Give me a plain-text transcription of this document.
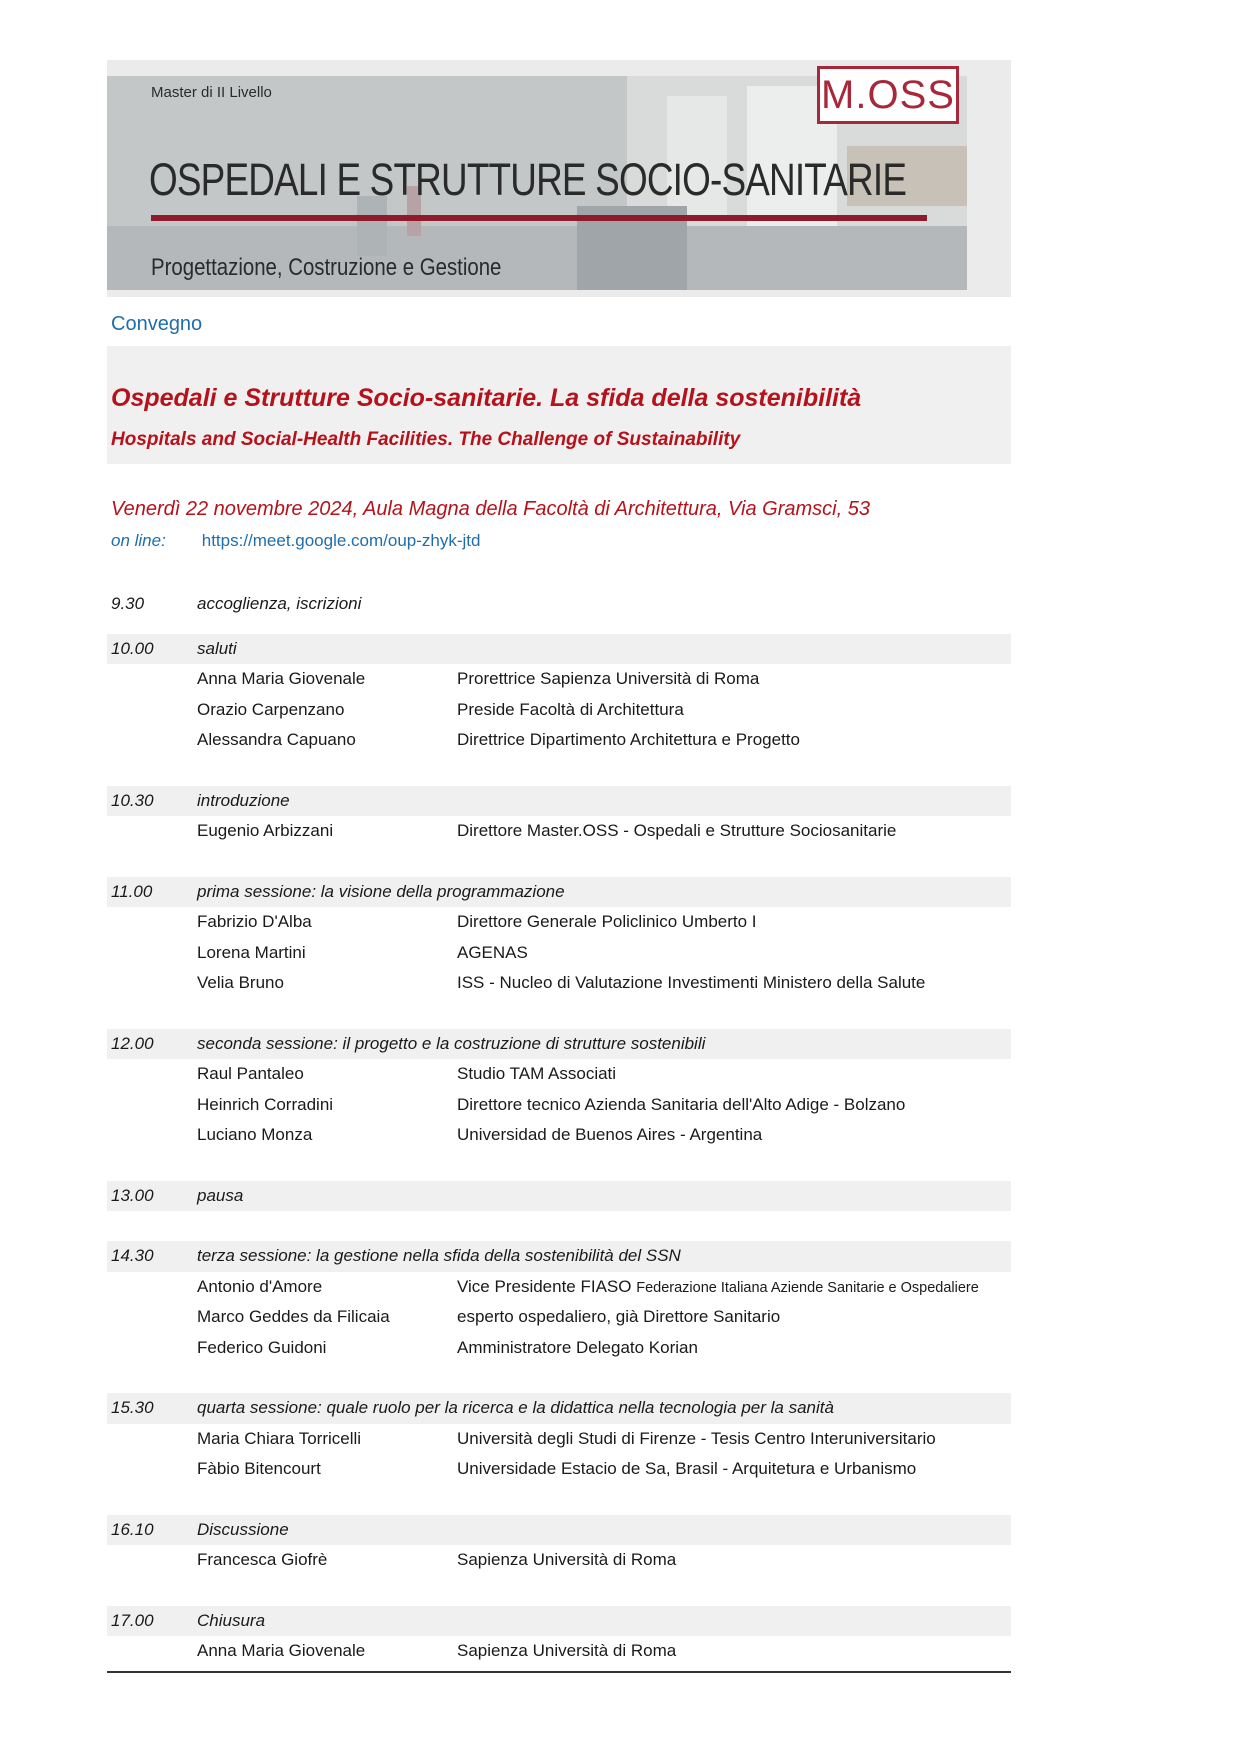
Master di II Livello
OSPEDALI E STRUTTURE SOCIO-SANITARIE
Progettazione, Costruzione e Gestione
M.OSS
Convegno
Ospedali e Strutture Socio-sanitarie. La sfida della sostenibilità
Hospitals and Social-Health Facilities. The Challenge of Sustainability
Venerdì 22 novembre 2024, Aula Magna della Facoltà di Architettura, Via Gramsci, 53
on line: https://meet.google.com/oup-zhyk-jtd
9.30	accoglienza, iscrizioni
10.00	saluti
Anna Maria Giovenale	Prorettrice Sapienza Università di Roma
Orazio Carpenzano	Preside Facoltà di Architettura
Alessandra Capuano	Direttrice Dipartimento Architettura e Progetto
10.30	introduzione
Eugenio Arbizzani	Direttore Master.OSS - Ospedali e Strutture Sociosanitarie
11.00	prima sessione: la visione della programmazione
Fabrizio D'Alba	Direttore Generale Policlinico Umberto I
Lorena Martini	AGENAS
Velia Bruno	ISS - Nucleo di Valutazione Investimenti Ministero della Salute
12.00	seconda sessione: il progetto e la costruzione di strutture sostenibili
Raul Pantaleo	Studio TAM Associati
Heinrich Corradini	Direttore tecnico Azienda Sanitaria dell'Alto Adige - Bolzano
Luciano Monza	Universidad de Buenos Aires - Argentina
13.00	pausa
14.30	terza sessione: la gestione nella sfida della sostenibilità del SSN
Antonio d'Amore	Vice Presidente FIASO Federazione Italiana Aziende Sanitarie e Ospedaliere
Marco Geddes da Filicaia	esperto ospedaliero, già Direttore Sanitario
Federico Guidoni	Amministratore Delegato Korian
15.30	quarta sessione: quale ruolo per la ricerca e la didattica nella tecnologia per la sanità
Maria Chiara Torricelli	Università degli Studi di Firenze - Tesis Centro Interuniversitario
Fàbio Bitencourt	Universidade Estacio de Sa, Brasil - Arquitetura e Urbanismo
16.10	Discussione
Francesca Giofrè	Sapienza Università di Roma
17.00	Chiusura
Anna Maria Giovenale	Sapienza Università di Roma
